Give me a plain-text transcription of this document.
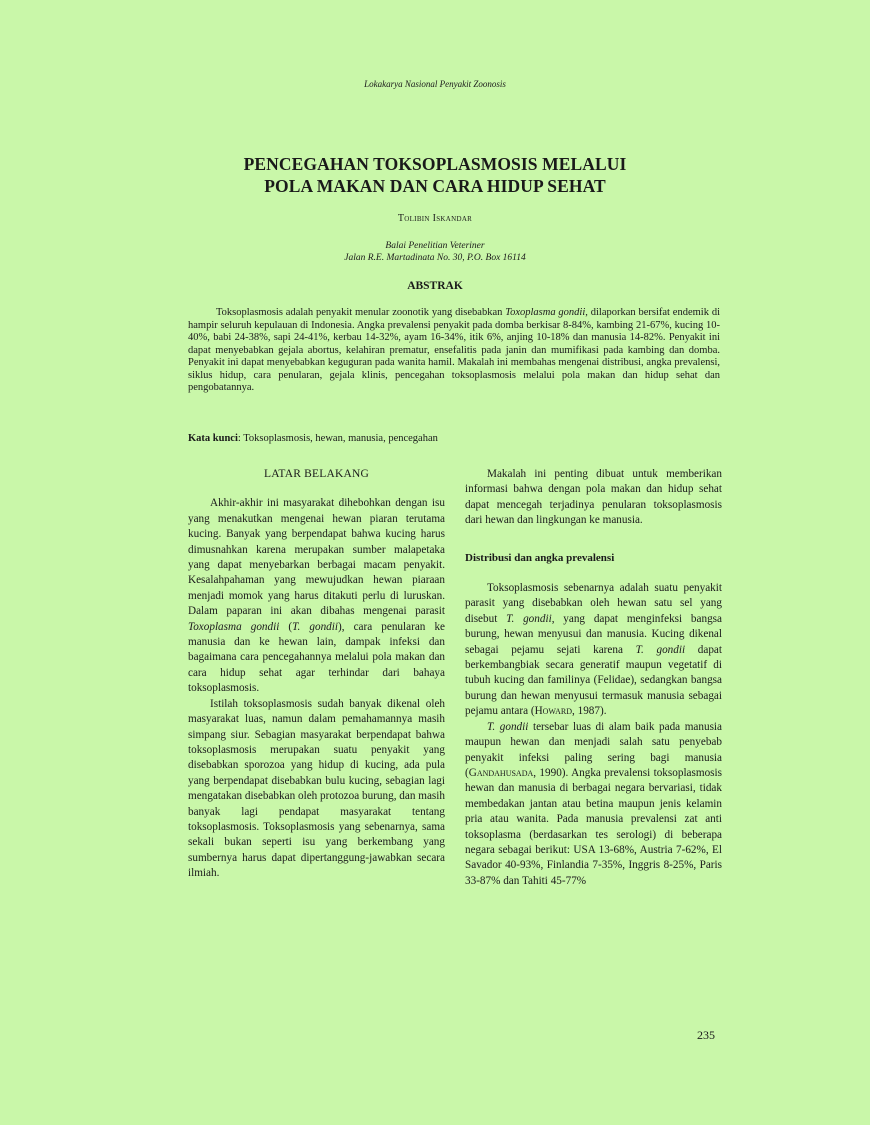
Lokakarya Nasional Penyakit Zoonosis
PENCEGAHAN TOKSOPLASMOSIS MELALUI
POLA MAKAN DAN CARA HIDUP SEHAT
Tolibin Iskandar
Balai Penelitian Veteriner
Jalan R.E. Martadinata No. 30, P.O. Box 16114
ABSTRAK

Toksoplasmosis adalah penyakit menular zoonotik yang disebabkan Toxoplasma gondii, dilaporkan bersifat endemik di hampir seluruh kepulauan di Indonesia. Angka prevalensi penyakit pada domba berkisar 8-84%, kambing 21-67%, kucing 10-40%, babi 24-38%, sapi 24-41%, kerbau 14-32%, ayam 16-34%, itik 6%, anjing 10-18% dan manusia 14-82%. Penyakit ini dapat menyebabkan gejala abortus, kelahiran prematur, ensefalitis pada janin dan mumifikasi pada kambing dan domba. Penyakit ini dapat menyebabkan keguguran pada wanita hamil. Makalah ini membahas mengenai distribusi, angka prevalensi, siklus hidup, cara penularan, gejala klinis, pencegahan toksoplasmosis melalui pola makan dan hidup sehat dan pengobatannya.

Kata kunci: Toksoplasmosis, hewan, manusia, pencegahan
LATAR BELAKANG

Akhir-akhir ini masyarakat dihebohkan dengan isu yang menakutkan mengenai hewan piaran terutama kucing. Banyak yang berpendapat bahwa kucing harus dimusnahkan karena merupakan sumber malapetaka yang dapat menyebarkan berbagai macam penyakit. Kesalahpahaman yang mewujudkan hewan piaraan menjadi momok yang harus ditakuti perlu di luruskan. Dalam paparan ini akan dibahas mengenai parasit Toxoplasma gondii (T. gondii), cara penularan ke manusia dan ke hewan lain, dampak infeksi dan bagaimana cara pencegahannya melalui pola makan dan cara hidup sehat agar terhindar dari bahaya toksoplasmosis.

Istilah toksoplasmosis sudah banyak dikenal oleh masyarakat luas, namun dalam pemahamannya masih simpang siur. Sebagian masyarakat berpendapat bahwa toksoplasmosis merupakan suatu penyakit yang disebabkan sporozoa yang hidup di kucing, ada pula yang berpendapat disebabkan bulu kucing, sebagian lagi mengatakan disebabkan oleh protozoa burung, dan masih banyak lagi pendapat masyarakat tentang toksoplasmosis. Toksoplasmosis yang sebenarnya, sama sekali bukan seperti isu yang berkembang yang sumbernya harus dapat dipertanggung-jawabkan secara ilmiah.

Makalah ini penting dibuat untuk memberikan informasi bahwa dengan pola makan dan hidup sehat dapat mencegah terjadinya penularan toksoplasmosis dari hewan dan lingkungan ke manusia.

Distribusi dan angka prevalensi

Toksoplasmosis sebenarnya adalah suatu penyakit parasit yang disebabkan oleh hewan satu sel yang disebut T. gondii, yang dapat menginfeksi bangsa burung, hewan menyusui dan manusia. Kucing dikenal sebagai pejamu sejati karena T. gondii dapat berkembangbiak secara generatif maupun vegetatif di tubuh kucing dan familinya (Felidae), sedangkan bangsa burung dan hewan menyusui termasuk manusia sebagai pejamu antara (Howard, 1987).

T. gondii tersebar luas di alam baik pada manusia maupun hewan dan menjadi salah satu penyebab penyakit infeksi paling sering bagi manusia (Gandahusada, 1990). Angka prevalensi toksoplasmosis hewan dan manusia di berbagai negara bervariasi, tidak membedakan jantan atau betina maupun jenis kelamin pria atau wanita. Pada manusia prevalensi zat anti toksoplasma (berdasarkan tes serologi) di beberapa negara sebagai berikut: USA 13-68%, Austria 7-62%, El Savador 40-93%, Finlandia 7-35%, Inggris 8-25%, Paris 33-87% dan Tahiti 45-77%

235
